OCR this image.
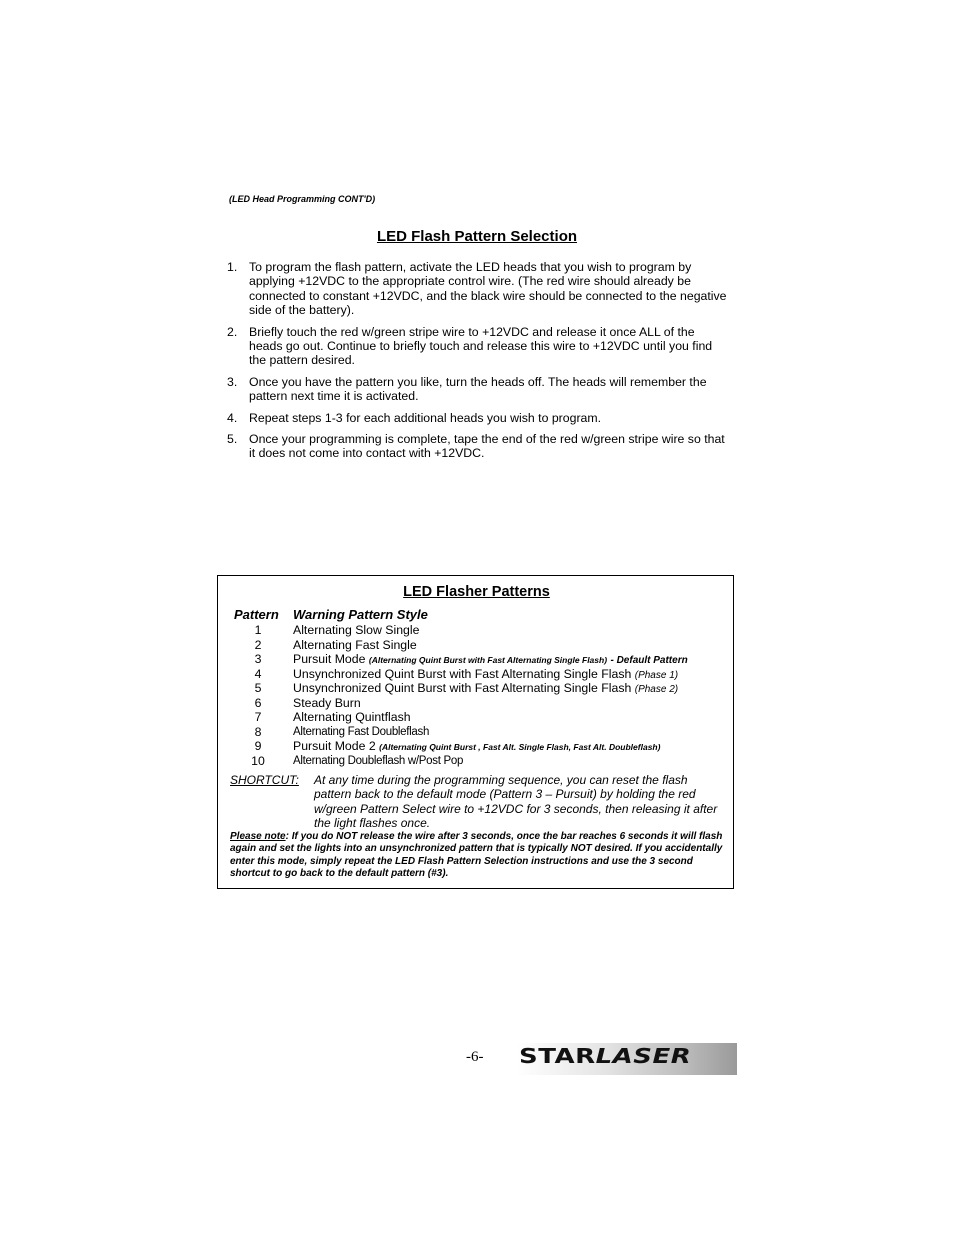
(LED Head Programming CONT'D)
LED Flash Pattern Selection
1. To program the flash pattern, activate the LED heads that you wish to program by applying +12VDC to the appropriate control wire. (The red wire should already be connected to constant +12VDC, and the black wire should be connected to the negative side of the battery).
2. Briefly touch the red w/green stripe wire to +12VDC and release it once ALL of the heads go out. Continue to briefly touch and release this wire to +12VDC until you find the pattern desired.
3. Once you have the pattern you like, turn the heads off. The heads will remember the pattern next time it is activated.
4. Repeat steps 1-3 for each additional heads you wish to program.
5. Once your programming is complete, tape the end of the red w/green stripe wire so that it does not come into contact with +12VDC.
LED Flasher Patterns
Pattern Warning Pattern Style
1	Alternating Slow Single
2	Alternating Fast Single
3	Pursuit Mode (Alternating Quint Burst with Fast Alternating Single Flash) - Default Pattern
4	Unsynchronized Quint Burst with Fast Alternating Single Flash (Phase 1)
5	Unsynchronized Quint Burst with Fast Alternating Single Flash (Phase 2)
6	Steady Burn
7	Alternating Quintflash
8	Alternating Fast Doubleflash
9	Pursuit Mode 2 (Alternating Quint Burst , Fast Alt. Single Flash, Fast Alt. Doubleflash)
10	Alternating Doubleflash w/Post Pop
SHORTCUT: At any time during the programming sequence, you can reset the flash pattern back to the default mode (Pattern 3 – Pursuit) by holding the red w/green Pattern Select wire to +12VDC for 3 seconds, then releasing it after the light flashes once.
Please note: If you do NOT release the wire after 3 seconds, once the bar reaches 6 seconds it will flash again and set the lights into an unsynchronized pattern that is typically NOT desired. If you accidentally enter this mode, simply repeat the LED Flash Pattern Selection instructions and use the 3 second shortcut to go back to the default pattern (#3).
-6- STARLASER
